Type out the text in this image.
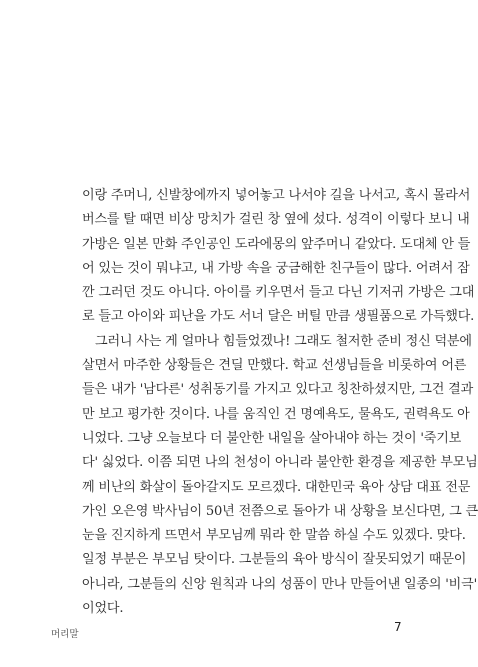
이랑 주머니, 신발창에까지 넣어놓고 나서야 길을 나서고, 혹시 몰라서
버스를 탈 때면 비상 망치가 걸린 창 옆에 섰다. 성격이 이렇다 보니 내
가방은 일본 만화 주인공인 도라에몽의 앞주머니 같았다. 도대체 안 들
어 있는 것이 뭐냐고, 내 가방 속을 궁금해한 친구들이 많다. 어려서 잠
깐 그러던 것도 아니다. 아이를 키우면서 들고 다닌 기저귀 가방은 그대
로 들고 아이와 피난을 가도 서너 달은 버틸 만큼 생필품으로 가득했다.
그러니 사는 게 얼마나 힘들었겠나! 그래도 철저한 준비 정신 덕분에
살면서 마주한 상황들은 견딜 만했다. 학교 선생님들을 비롯하여 어른
들은 내가 '남다른' 성취동기를 가지고 있다고 칭찬하셨지만, 그건 결과
만 보고 평가한 것이다. 나를 움직인 건 명예욕도, 물욕도, 권력욕도 아
니었다. 그냥 오늘보다 더 불안한 내일을 살아내야 하는 것이 '죽기보
다' 싫었다. 이쯤 되면 나의 천성이 아니라 불안한 환경을 제공한 부모님
께 비난의 화살이 돌아갈지도 모르겠다. 대한민국 육아 상담 대표 전문
가인 오은영 박사님이 50년 전쯤으로 돌아가 내 상황을 보신다면, 그 큰
눈을 진지하게 뜨면서 부모님께 뭐라 한 말씀 하실 수도 있겠다. 맞다.
일정 부분은 부모님 탓이다. 그분들의 육아 방식이 잘못되었기 때문이
아니라, 그분들의 신앙 원칙과 나의 성품이 만나 만들어낸 일종의 '비극'
이었다.
머리말
7
